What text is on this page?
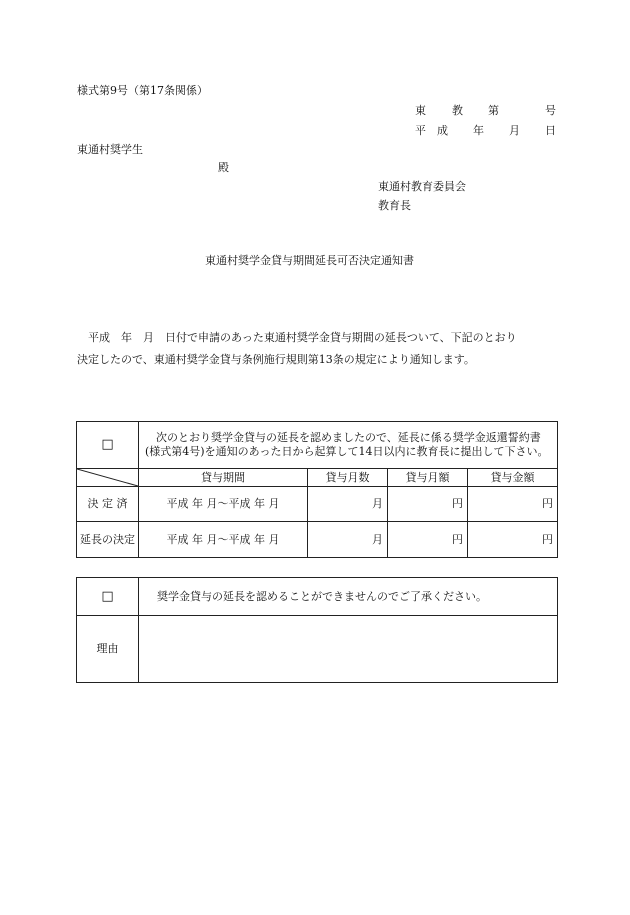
様式第9号（第17条関係）
東 教 第	号
平 成 年 月 日
東通村奨学生
殿
東通村教育委員会
教育長
東通村奨学金貸与期間延長可否決定通知書
平成　年　月　日付で申請のあった東通村奨学金貸与期間の延長ついて、下記のとおり
決定したので、東通村奨学金貸与条例施行規則第13条の規定により通知します。
□	次のとおり奨学金貸与の延長を認めましたので、延長に係る奨学金返還誓約書(様式第4号)を通知のあった日から起算して14日以内に教育長に提出して下さい。			

	貸与期間	貸与月数	貸与月額	貸与金額
決 定 済	平成 年 月～平成 年 月	月	円	円
延長の決定	平成 年 月～平成 年 月	月	円	円
□	奨学金貸与の延長を認めることができませんのでご了承ください。
理由	
